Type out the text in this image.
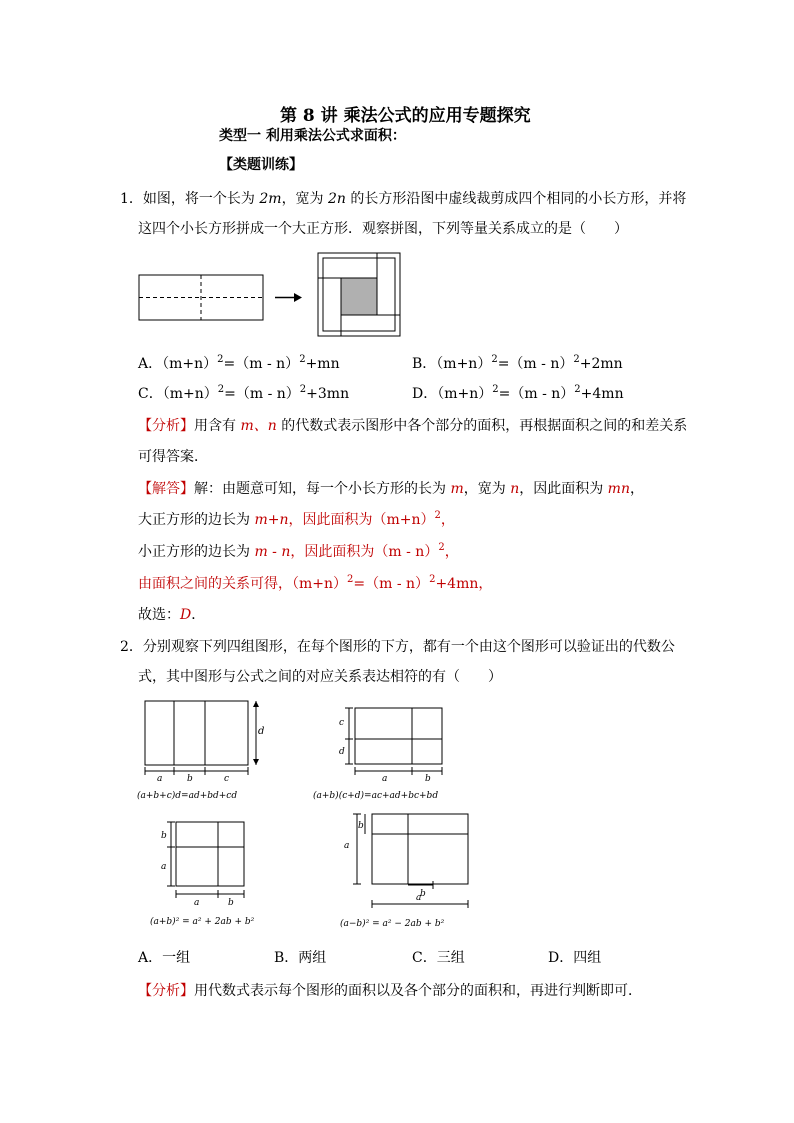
第 8 讲 乘法公式的应用专题探究
类型一 利用乘法公式求面积：
【类题训练】
1．如图，将一个长为 2m，宽为 2n 的长方形沿图中虚线裁剪成四个相同的小长方形，并将
这四个小长方形拼成一个大正方形．观察拼图，下列等量关系成立的是（　　）
A．$(m+n)^2=(m - n)^2+mn$	B．$(m+n)^2=(m - n)^2+2mn$
C．$(m+n)^2=(m - n)^2+3mn$	D．$(m+n)^2=(m - n)^2+4mn$
【分析】用含有 m、n 的代数式表示图形中各个部分的面积，再根据面积之间的和差关系
可得答案．
【解答】解：由题意可知，每一个小长方形的长为 m，宽为 n，因此面积为 mn，
大正方形的边长为 m+n，因此面积为$(m+n)^2$，
小正方形的边长为 m - n，因此面积为（m - n）$^2$，
由面积之间的关系可得，$(m+n)^2=(m - n)^2+4mn$，
故选：D．
2．分别观察下列四组图形，在每个图形的下方，都有一个由这个图形可以验证出的代数公
式，其中图形与公式之间的对应关系表达相符的有（　　）
d
a	b	c
(a+b+c)d=ad+bd+cd
c
d
a	b
(a+b)(c+d)=ac+ad+bc+bd
b
a
a	b
(a+b)² = a² + 2ab + b²
a
b
b
a
(a−b)² = a² − 2ab + b²
A．一组	B．两组	C．三组	D．四组
【分析】用代数式表示每个图形的面积以及各个部分的面积和，再进行判断即可．
